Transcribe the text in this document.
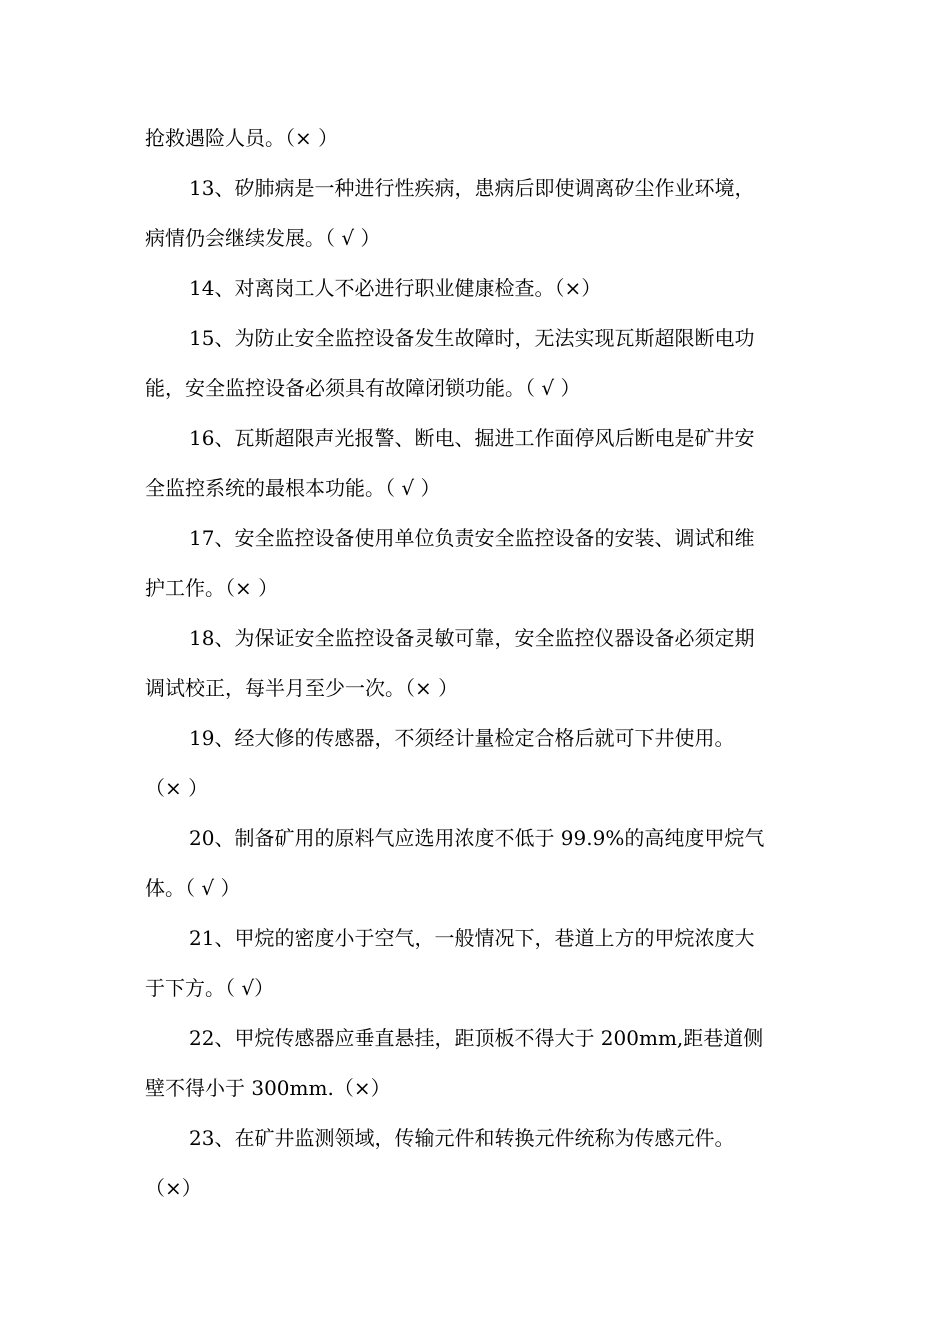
抢救遇险人员。（× ）
13、矽肺病是一种进行性疾病，患病后即使调离矽尘作业环境，
病情仍会继续发展。（ √ ）
14、对离岗工人不必进行职业健康检查。（×）
15、为防止安全监控设备发生故障时，无法实现瓦斯超限断电功
能，安全监控设备必须具有故障闭锁功能。（ √ ）
16、瓦斯超限声光报警、断电、掘进工作面停风后断电是矿井安
全监控系统的最根本功能。（ √ ）
17、安全监控设备使用单位负责安全监控设备的安装、调试和维
护工作。（× ）
18、为保证安全监控设备灵敏可靠，安全监控仪器设备必须定期
调试校正，每半月至少一次。（× ）
19、经大修的传感器，不须经计量检定合格后就可下井使用。
（× ）
20、制备矿用的原料气应选用浓度不低于 99.9%的高纯度甲烷气
体。（ √ ）
21、甲烷的密度小于空气，一般情况下，巷道上方的甲烷浓度大
于下方。（ √）
22、甲烷传感器应垂直悬挂，距顶板不得大于 200mm,距巷道侧
壁不得小于 300mm.（×）
23、在矿井监测领域，传输元件和转换元件统称为传感元件。
（×）
